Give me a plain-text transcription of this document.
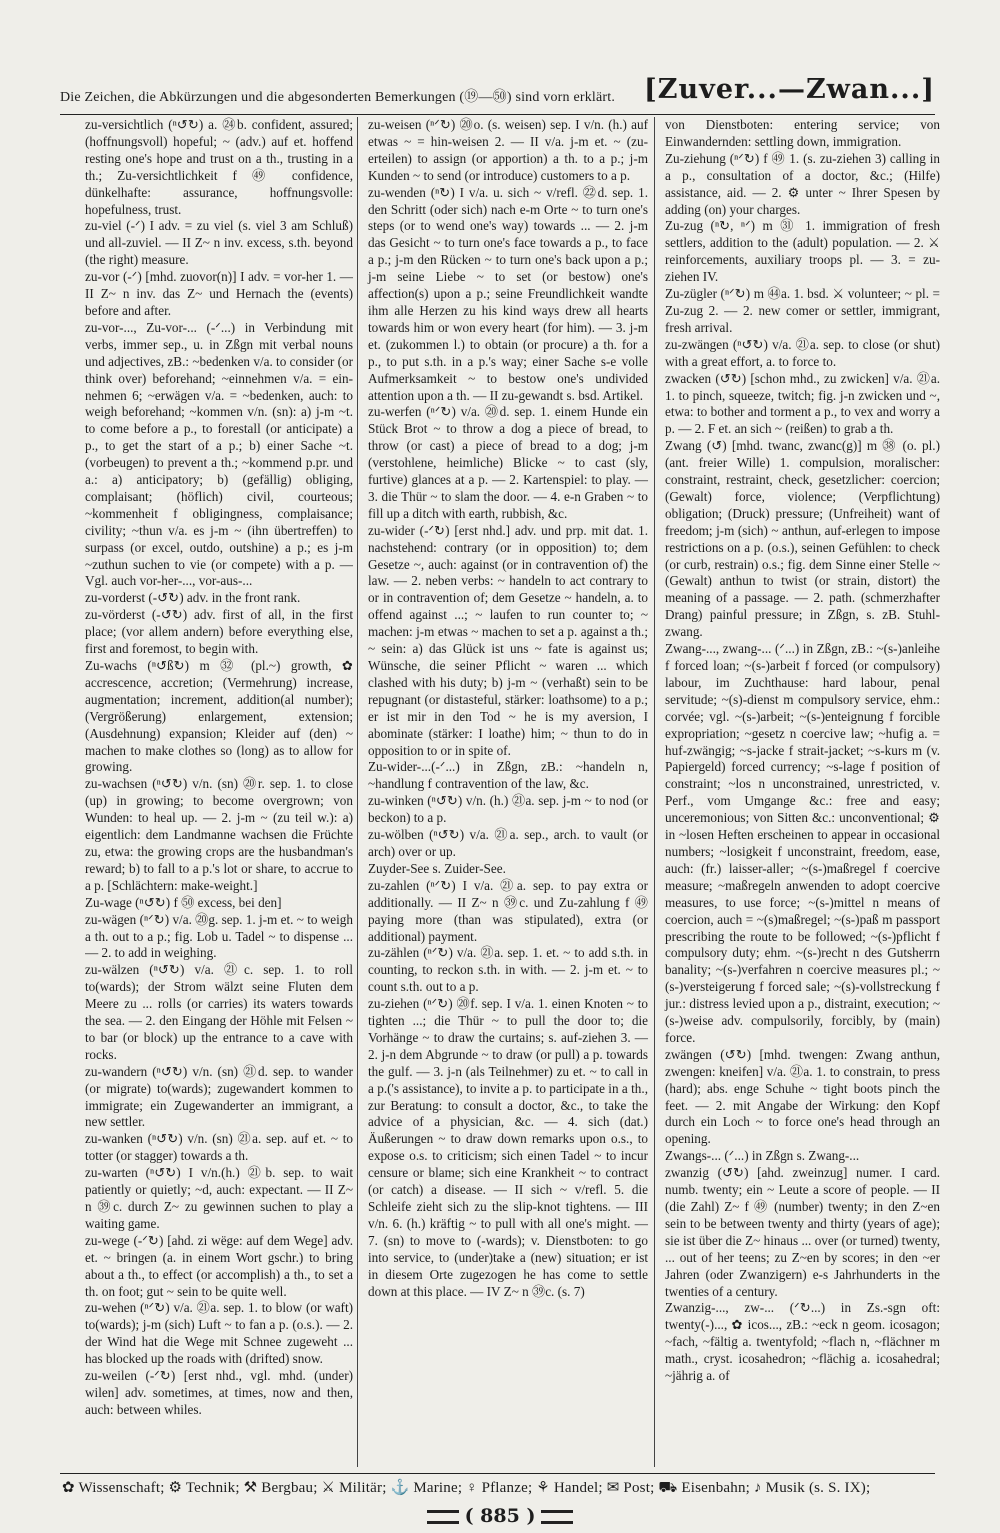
Die Zeichen, die Abkürzungen und die abgesonderten Bemerkungen (⑲—㊿) sind vorn erklärt.	[Zuver...—Zwan...]

zu-versichtlich (ⁿ↺↻) a. ㉔b. confident, assured; (hoffnungsvoll) hopeful; ~ (adv.) auf et. hoffend resting one's hope and trust on a th., trusting in a th.; Zu-versichtlichkeit f ㊾ confidence, dünkelhafte: assurance, hoffnungsvolle: hopefulness, trust.

zu-viel (-ᐟ) I adv. = zu viel (s. viel 3 am Schluß) und all-zuviel. — II Z~ n inv. excess, s.th. beyond (the right) measure.

zu-vor (-ᐟ) [mhd. zuovor(n)] I adv. = vor-her 1. — II Z~ n inv. das Z~ und Hernach the (events) before and after.

zu-vor-..., Zu-vor-... (-ᐟ...) in Verbindung mit verbs, immer sep., u. in Zßgn mit verbal nouns und adjectives, zB.: ~bedenken v/a. to consider (or think over) beforehand; ~einnehmen v/a. = ein-nehmen 6; ~erwägen v/a. = ~bedenken, auch: to weigh beforehand; ~kommen v/n. (sn): a) j-m ~t. to come before a p., to forestall (or anticipate) a p., to get the start of a p.; b) einer Sache ~t. (vorbeugen) to prevent a th.; ~kommend p.pr. und a.: a) anticipatory; b) (gefällig) obliging, complaisant; (höflich) civil, courteous; ~kommenheit f obligingness, complaisance; civility; ~thun v/a. es j-m ~ (ihn übertreffen) to surpass (or excel, outdo, outshine) a p.; es j-m ~zuthun suchen to vie (or compete) with a p. — Vgl. auch vor-her-..., vor-aus-...

zu-vorderst (-↺↻) adv. in the front rank.

zu-vörderst (-↺↻) adv. first of all, in the first place; (vor allem andern) before everything else, first and foremost, to begin with.

Zu-wachs (ⁿ↺ß↻) m ㉜ (pl.~) growth, ✿ accrescence, accretion; (Vermehrung) increase, augmentation; increment, addition(al number); (Vergrößerung) enlargement, extension; (Ausdehnung) expansion; Kleider auf (den) ~ machen to make clothes so (long) as to allow for growing.

zu-wachsen (ⁿ↺↻) v/n. (sn) ⑳r. sep. 1. to close (up) in growing; to become overgrown; von Wunden: to heal up. — 2. j-m ~ (zu teil w.): a) eigentlich: dem Landmanne wachsen die Früchte zu, etwa: the growing crops are the husbandman's reward; b) to fall to a p.'s lot or share, to accrue to a p. [Schlächtern: make-weight.]

Zu-wage (ⁿ↺↻) f ㊿ excess, bei den]

zu-wägen (ⁿᐟ↻) v/a. ⑳g. sep. 1. j-m et. ~ to weigh a th. out to a p.; fig. Lob u. Tadel ~ to dispense ... — 2. to add in weighing.

zu-wälzen (ⁿ↺↻) v/a. ㉑c. sep. 1. to roll to(wards); der Strom wälzt seine Fluten dem Meere zu ... rolls (or carries) its waters towards the sea. — 2. den Eingang der Höhle mit Felsen ~ to bar (or block) up the entrance to a cave with rocks.

zu-wandern (ⁿ↺↻) v/n. (sn) ㉑d. sep. to wander (or migrate) to(wards); zugewandert kommen to immigrate; ein Zugewanderter an immigrant, a new settler.

zu-wanken (ⁿ↺↻) v/n. (sn) ㉑a. sep. auf et. ~ to totter (or stagger) towards a th.

zu-warten (ⁿ↺↻) I v/n.(h.) ㉑b. sep. to wait patiently or quietly; ~d, auch: expectant. — II Z~ n ㊴c. durch Z~ zu gewinnen suchen to play a waiting game.

zu-wege (-ᐟ↻) [ahd. zi wëge: auf dem Wege] adv. et. ~ bringen (a. in einem Wort gschr.) to bring about a th., to effect (or accomplish) a th., to set a th. on foot; gut ~ sein to be quite well.

zu-wehen (ⁿᐟ↻) v/a. ㉑a. sep. 1. to blow (or waft) to(wards); j-m (sich) Luft ~ to fan a p. (o.s.). — 2. der Wind hat die Wege mit Schnee zugeweht ... has blocked up the roads with (drifted) snow.

zu-weilen (-ᐟ↻) [erst nhd., vgl. mhd. (under) wilen] adv. sometimes, at times, now and then, auch: between whiles.

zu-weisen (ⁿᐟ↻) ⑳o. (s. weisen) sep. I v/n. (h.) auf etwas ~ = hin-weisen 2. — II v/a. j-m et. ~ (zu-erteilen) to assign (or apportion) a th. to a p.; j-m Kunden ~ to send (or introduce) customers to a p.

zu-wenden (ⁿ↻) I v/a. u. sich ~ v/refl. ㉒d. sep. 1. den Schritt (oder sich) nach e-m Orte ~ to turn one's steps (or to wend one's way) towards ... — 2. j-m das Gesicht ~ to turn one's face towards a p., to face a p.; j-m den Rücken ~ to turn one's back upon a p.; j-m seine Liebe ~ to set (or bestow) one's affection(s) upon a p.; seine Freundlichkeit wandte ihm alle Herzen zu his kind ways drew all hearts towards him or won every heart (for him). — 3. j-m et. (zukommen l.) to obtain (or procure) a th. for a p., to put s.th. in a p.'s way; einer Sache s-e volle Aufmerksamkeit ~ to bestow one's undivided attention upon a th. — II zu-gewandt s. bsd. Artikel.

zu-werfen (ⁿᐟ↻) v/a. ⑳d. sep. 1. einem Hunde ein Stück Brot ~ to throw a dog a piece of bread, to throw (or cast) a piece of bread to a dog; j-m (verstohlene, heimliche) Blicke ~ to cast (sly, furtive) glances at a p. — 2. Kartenspiel: to play. — 3. die Thür ~ to slam the door. — 4. e-n Graben ~ to fill up a ditch with earth, rubbish, &c.

zu-wider (-ᐟ↻) [erst nhd.] adv. und prp. mit dat. 1. nachstehend: contrary (or in opposition) to; dem Gesetze ~, auch: against (or in contravention of) the law. — 2. neben verbs: ~ handeln to act contrary to or in contravention of; dem Gesetze ~ handeln, a. to offend against ...; ~ laufen to run counter to; ~ machen: j-m etwas ~ machen to set a p. against a th.; ~ sein: a) das Glück ist uns ~ fate is against us; Wünsche, die seiner Pflicht ~ waren ... which clashed with his duty; b) j-m ~ (verhaßt) sein to be repugnant (or distasteful, stärker: loathsome) to a p.; er ist mir in den Tod ~ he is my aversion, I abominate (stärker: I loathe) him; ~ thun to do in opposition to or in spite of.

Zu-wider-...(-ᐟ...) in Zßgn, zB.: ~handeln n, ~handlung f contravention of the law, &c.

zu-winken (ⁿ↺↻) v/n. (h.) ㉑a. sep. j-m ~ to nod (or beckon) to a p.

zu-wölben (ⁿ↺↻) v/a. ㉑a. sep., arch. to vault (or arch) over or up.

Zuyder-See s. Zuider-See.

zu-zahlen (ⁿᐟ↻) I v/a. ㉑a. sep. to pay extra or additionally. — II Z~ n ㊴c. und Zu-zahlung f ㊾ paying more (than was stipulated), extra (or additional) payment.

zu-zählen (ⁿᐟ↻) v/a. ㉑a. sep. 1. et. ~ to add s.th. in counting, to reckon s.th. in with. — 2. j-m et. ~ to count s.th. out to a p.

zu-ziehen (ⁿᐟ↻) ⑳f. sep. I v/a. 1. einen Knoten ~ to tighten ...; die Thür ~ to pull the door to; die Vorhänge ~ to draw the curtains; s. auf-ziehen 3. — 2. j-n dem Abgrunde ~ to draw (or pull) a p. towards the gulf. — 3. j-n (als Teilnehmer) zu et. ~ to call in a p.('s assistance), to invite a p. to participate in a th., zur Beratung: to consult a doctor, &c., to take the advice of a physician, &c. — 4. sich (dat.) Äußerungen ~ to draw down remarks upon o.s., to expose o.s. to criticism; sich einen Tadel ~ to incur censure or blame; sich eine Krankheit ~ to contract (or catch) a disease. — II sich ~ v/refl. 5. die Schleife zieht sich zu the slip-knot tightens. — III v/n. 6. (h.) kräftig ~ to pull with all one's might. — 7. (sn) to move to (-wards); v. Dienstboten: to go into service, to (under)take a (new) situation; er ist in diesem Orte zugezogen he has come to settle down at this place. — IV Z~ n ㊴c. (s. 7)

von Dienstboten: entering service; von Einwandernden: settling down, immigration.

Zu-ziehung (ⁿᐟ↻) f ㊾ 1. (s. zu-ziehen 3) calling in a p., consultation of a doctor, &c.; (Hilfe) assistance, aid. — 2. ⚙ unter ~ Ihrer Spesen by adding (on) your charges.

Zu-zug (ⁿ↻, ⁿᐟ) m ㉛ 1. immigration of fresh settlers, addition to the (adult) population. — 2. ⚔ reinforcements, auxiliary troops pl. — 3. = zu-ziehen IV.

Zu-zügler (ⁿᐟ↻) m ㊹a. 1. bsd. ⚔ volunteer; ~ pl. = Zu-zug 2. — 2. new comer or settler, immigrant, fresh arrival.

zu-zwängen (ⁿ↺↻) v/a. ㉑a. sep. to close (or shut) with a great effort, a. to force to.

zwacken (↺↻) [schon mhd., zu zwicken] v/a. ㉑a. 1. to pinch, squeeze, twitch; fig. j-n zwicken und ~, etwa: to bother and torment a p., to vex and worry a p. — 2. F et. an sich ~ (reißen) to grab a th.

Zwang (↺) [mhd. twanc, zwanc(g)] m ㊳ (o. pl.) (ant. freier Wille) 1. compulsion, moralischer: constraint, restraint, check, gesetzlicher: coercion; (Gewalt) force, violence; (Verpflichtung) obligation; (Druck) pressure; (Unfreiheit) want of freedom; j-m (sich) ~ anthun, auf-erlegen to impose restrictions on a p. (o.s.), seinen Gefühlen: to check (or curb, restrain) o.s.; fig. dem Sinne einer Stelle ~ (Gewalt) anthun to twist (or strain, distort) the meaning of a passage. — 2. path. (schmerzhafter Drang) painful pressure; in Zßgn, s. zB. Stuhl-zwang.

Zwang-..., zwang-... (ᐟ...) in Zßgn, zB.: ~(s-)anleihe f forced loan; ~(s-)arbeit f forced (or compulsory) labour, im Zuchthause: hard labour, penal servitude; ~(s)-dienst m compulsory service, ehm.: corvée; vgl. ~(s-)arbeit; ~(s-)enteignung f forcible expropriation; ~gesetz n coercive law; ~hufig a. = huf-zwängig; ~s-jacke f strait-jacket; ~s-kurs m (v. Papiergeld) forced currency; ~s-lage f position of constraint; ~los n unconstrained, unrestricted, v. Perf., vom Umgange &c.: free and easy; unceremonious; von Sitten &c.: unconventional; ⚙ in ~losen Heften erscheinen to appear in occasional numbers; ~losigkeit f unconstraint, freedom, ease, auch: (fr.) laisser-aller; ~(s-)maßregel f coercive measure; ~maßregeln anwenden to adopt coercive measures, to use force; ~(s-)mittel n means of coercion, auch = ~(s)maßregel; ~(s-)paß m passport prescribing the route to be followed; ~(s-)pflicht f compulsory duty; ehm. ~(s-)recht n des Gutsherrn banality; ~(s-)verfahren n coercive measures pl.; ~(s-)versteigerung f forced sale; ~(s)-vollstreckung f jur.: distress levied upon a p., distraint, execution; ~(s-)weise adv. compulsorily, forcibly, by (main) force.

zwängen (↺↻) [mhd. twengen: Zwang anthun, zwengen: kneifen] v/a. ㉑a. 1. to constrain, to press (hard); abs. enge Schuhe ~ tight boots pinch the feet. — 2. mit Angabe der Wirkung: den Kopf durch ein Loch ~ to force one's head through an opening.

Zwangs-... (ᐟ...) in Zßgn s. Zwang-...

zwanzig (↺↻) [ahd. zweinzug] numer. I card. numb. twenty; ein ~ Leute a score of people. — II (die Zahl) Z~ f ㊾ (number) twenty; in den Z~en sein to be between twenty and thirty (years of age); sie ist über die Z~ hinaus ... over (or turned) twenty, ... out of her teens; zu Z~en by scores; in den ~er Jahren (oder Zwanzigern) e-s Jahrhunderts in the twenties of a century.

Zwanzig-..., zw-... (ᐟ↻...) in Zs.-sgn oft: twenty(-)..., ✿ icos..., zB.: ~eck n geom. icosagon; ~fach, ~fältig a. twentyfold; ~flach n, ~flächner m math., cryst. icosahedron; ~flächig a. icosahedral; ~jährig a. of

✿ Wissenschaft; ⚙ Technik; ⚒ Bergbau; ⚔ Militär; ⚓ Marine; ♀ Pflanze; ⚘ Handel; ✉ Post; ⛟ Eisenbahn; ♪ Musik (s. S. IX);
( 885 )
